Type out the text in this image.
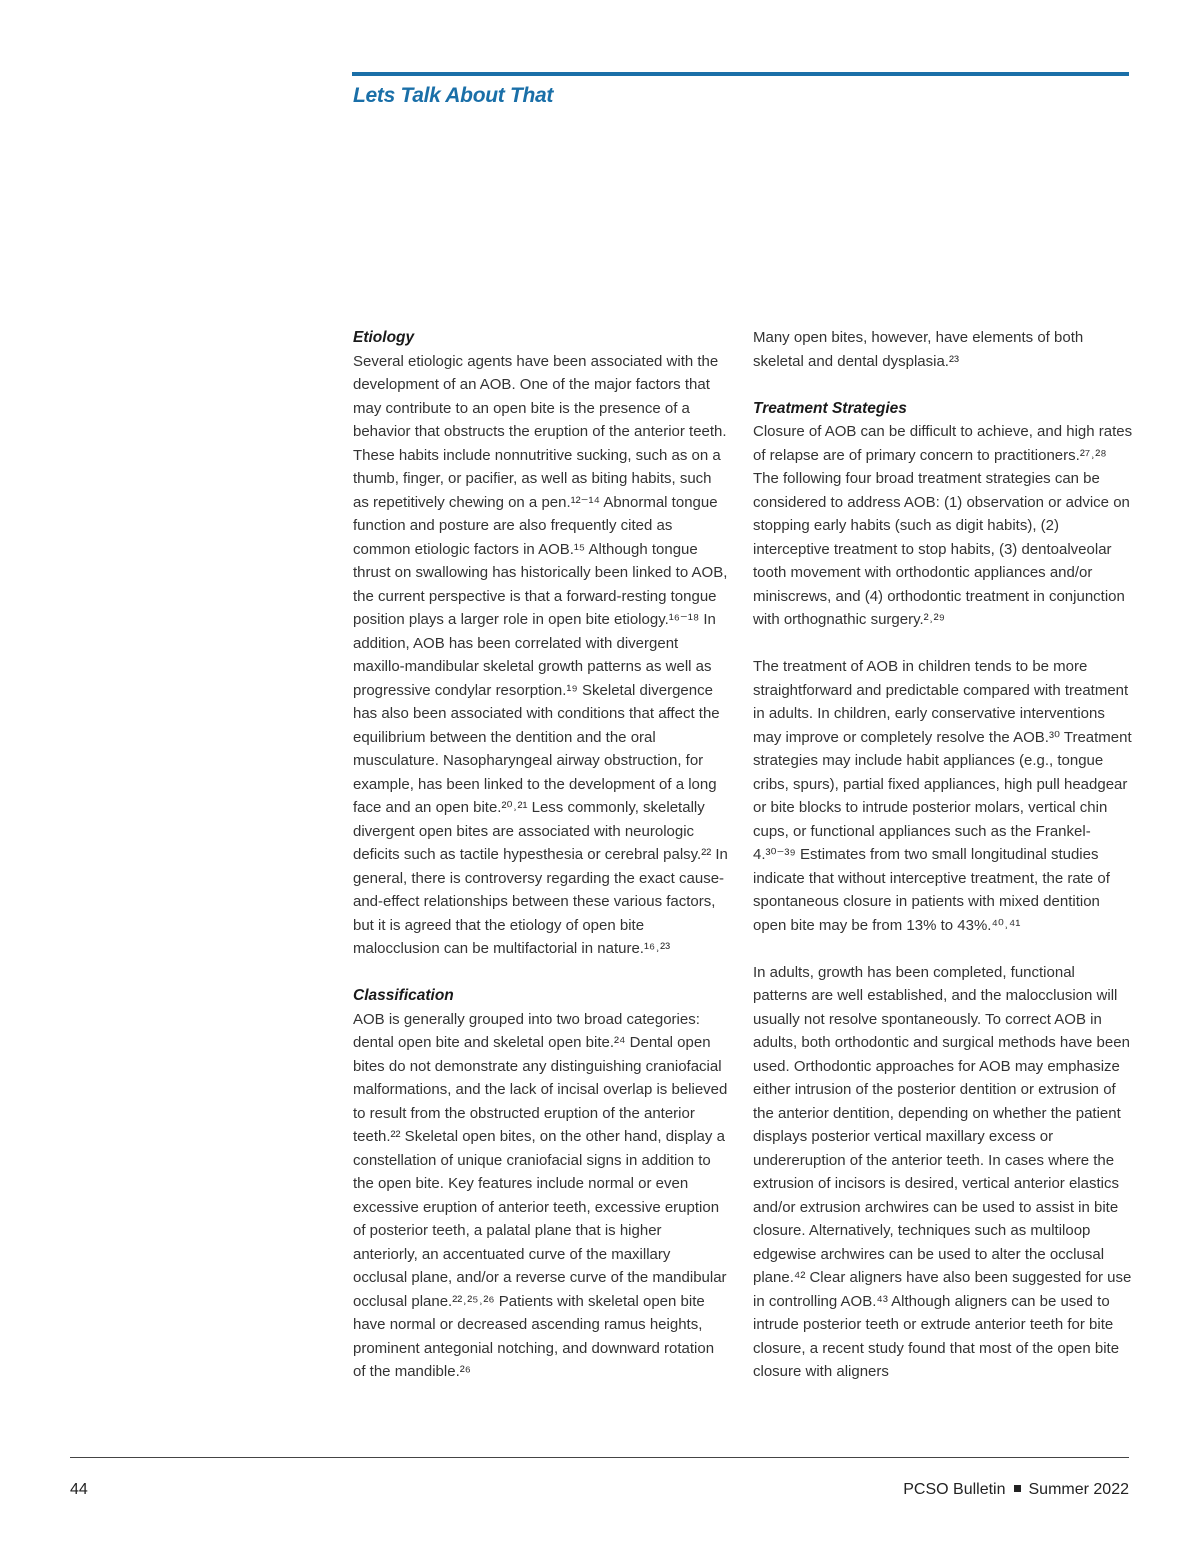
Lets Talk About That
Etiology

Several etiologic agents have been associated with the development of an AOB. One of the major factors that may contribute to an open bite is the presence of a behavior that obstructs the eruption of the anterior teeth. These habits include nonnutritive sucking, such as on a thumb, finger, or pacifier, as well as biting habits, such as repetitively chewing on a pen.¹²⁻¹⁴ Abnormal tongue function and posture are also frequently cited as common etiologic factors in AOB.¹⁵ Although tongue thrust on swallowing has historically been linked to AOB, the current perspective is that a forward-resting tongue position plays a larger role in open bite etiology.¹⁶⁻¹⁸ In addition, AOB has been correlated with divergent maxillo-mandibular skeletal growth patterns as well as progressive condylar resorption.¹⁹ Skeletal divergence has also been associated with conditions that affect the equilibrium between the dentition and the oral musculature. Nasopharyngeal airway obstruction, for example, has been linked to the development of a long face and an open bite.²⁰˒²¹ Less commonly, skeletally divergent open bites are associated with neurologic deficits such as tactile hypesthesia or cerebral palsy.²² In general, there is controversy regarding the exact cause-and-effect relationships between these various factors, but it is agreed that the etiology of open bite malocclusion can be multifactorial in nature.¹⁶˒²³

Classification

AOB is generally grouped into two broad categories: dental open bite and skeletal open bite.²⁴ Dental open bites do not demonstrate any distinguishing craniofacial malformations, and the lack of incisal overlap is believed to result from the obstructed eruption of the anterior teeth.²² Skeletal open bites, on the other hand, display a constellation of unique craniofacial signs in addition to the open bite. Key features include normal or even excessive eruption of anterior teeth, excessive eruption of posterior teeth, a palatal plane that is higher anteriorly, an accentuated curve of the maxillary occlusal plane, and/or a reverse curve of the mandibular occlusal plane.²²˒²⁵˒²⁶ Patients with skeletal open bite have normal or decreased ascending ramus heights, prominent antegonial notching, and downward rotation of the mandible.²⁶

Many open bites, however, have elements of both skeletal and dental dysplasia.²³

Treatment Strategies

Closure of AOB can be difficult to achieve, and high rates of relapse are of primary concern to practitioners.²⁷˒²⁸ The following four broad treatment strategies can be considered to address AOB: (1) observation or advice on stopping early habits (such as digit habits), (2) interceptive treatment to stop habits, (3) dentoalveolar tooth movement with orthodontic appliances and/or miniscrews, and (4) orthodontic treatment in conjunction with orthognathic surgery.²˒²⁹

The treatment of AOB in children tends to be more straightforward and predictable compared with treatment in adults. In children, early conservative interventions may improve or completely resolve the AOB.³⁰ Treatment strategies may include habit appliances (e.g., tongue cribs, spurs), partial fixed appliances, high pull headgear or bite blocks to intrude posterior molars, vertical chin cups, or functional appliances such as the Frankel-4.³⁰⁻³⁹ Estimates from two small longitudinal studies indicate that without interceptive treatment, the rate of spontaneous closure in patients with mixed dentition open bite may be from 13% to 43%.⁴⁰˒⁴¹

In adults, growth has been completed, functional patterns are well established, and the malocclusion will usually not resolve spontaneously. To correct AOB in adults, both orthodontic and surgical methods have been used. Orthodontic approaches for AOB may emphasize either intrusion of the posterior dentition or extrusion of the anterior dentition, depending on whether the patient displays posterior vertical maxillary excess or undereruption of the anterior teeth. In cases where the extrusion of incisors is desired, vertical anterior elastics and/or extrusion archwires can be used to assist in bite closure. Alternatively, techniques such as multiloop edgewise archwires can be used to alter the occlusal plane.⁴² Clear aligners have also been suggested for use in controlling AOB.⁴³ Although aligners can be used to intrude posterior teeth or extrude anterior teeth for bite closure, a recent study found that most of the open bite closure with aligners

44	PCSO Bulletin Summer 2022
